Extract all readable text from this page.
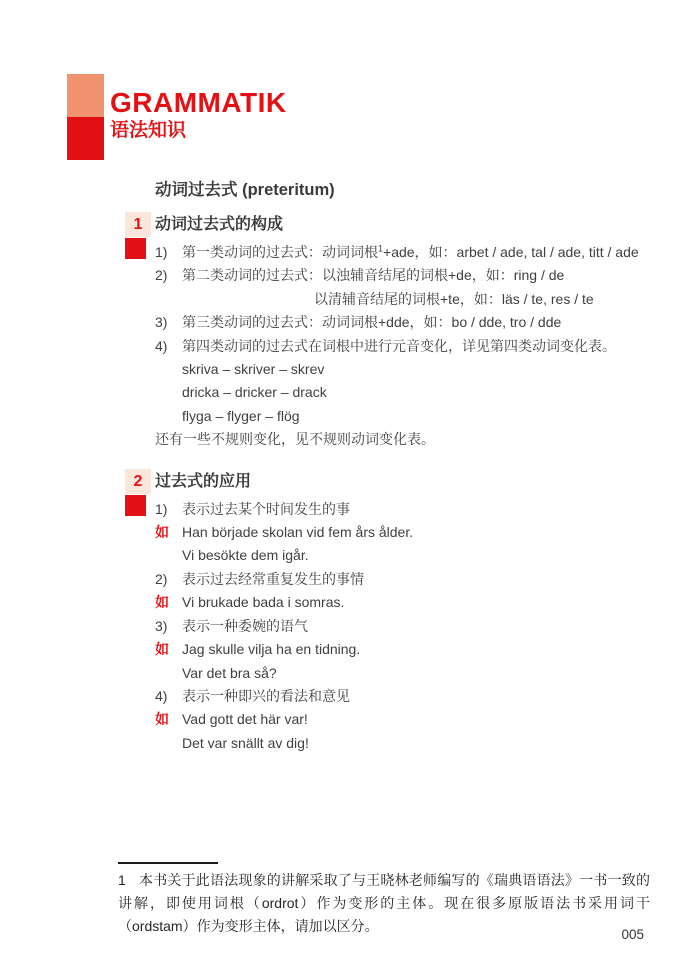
GRAMMATIK
语法知识
动词过去式 (preteritum)
1 动词过去式的构成
1)	第一类动词的过去式：动词词根$^1$+ade，如：arbet / ade, tal / ade, titt / ade
2)	第二类动词的过去式：以浊辅音结尾的词根+de，如：ring / de
以清辅音结尾的词根+te，如：läs / te, res / te
3)	第三类动词的过去式：动词词根+dde，如：bo / dde, tro / dde
4)	第四类动词的过去式在词根中进行元音变化，详见第四类动词变化表。
skriva – skriver – skrev
dricka – dricker – drack
flyga – flyger – flög
还有一些不规则变化，见不规则动词变化表。
2 过去式的应用
1)	表示过去某个时间发生的事
如 Han började skolan vid fem års ålder.
Vi besökte dem igår.
2)	表示过去经常重复发生的事情
如 Vi brukade bada i somras.
3)	表示一种委婉的语气
如 Jag skulle vilja ha en tidning.
Var det bra så?
4)	表示一种即兴的看法和意见
如 Vad gott det här var!
Det var snällt av dig!

1 本书关于此语法现象的讲解采取了与王晓林老师编写的《瑞典语语法》一书一致的讲解，即使用词根（ordrot）作为变形的主体。现在很多原版语法书采用词干（ordstam）作为变形主体，请加以区分。

005
